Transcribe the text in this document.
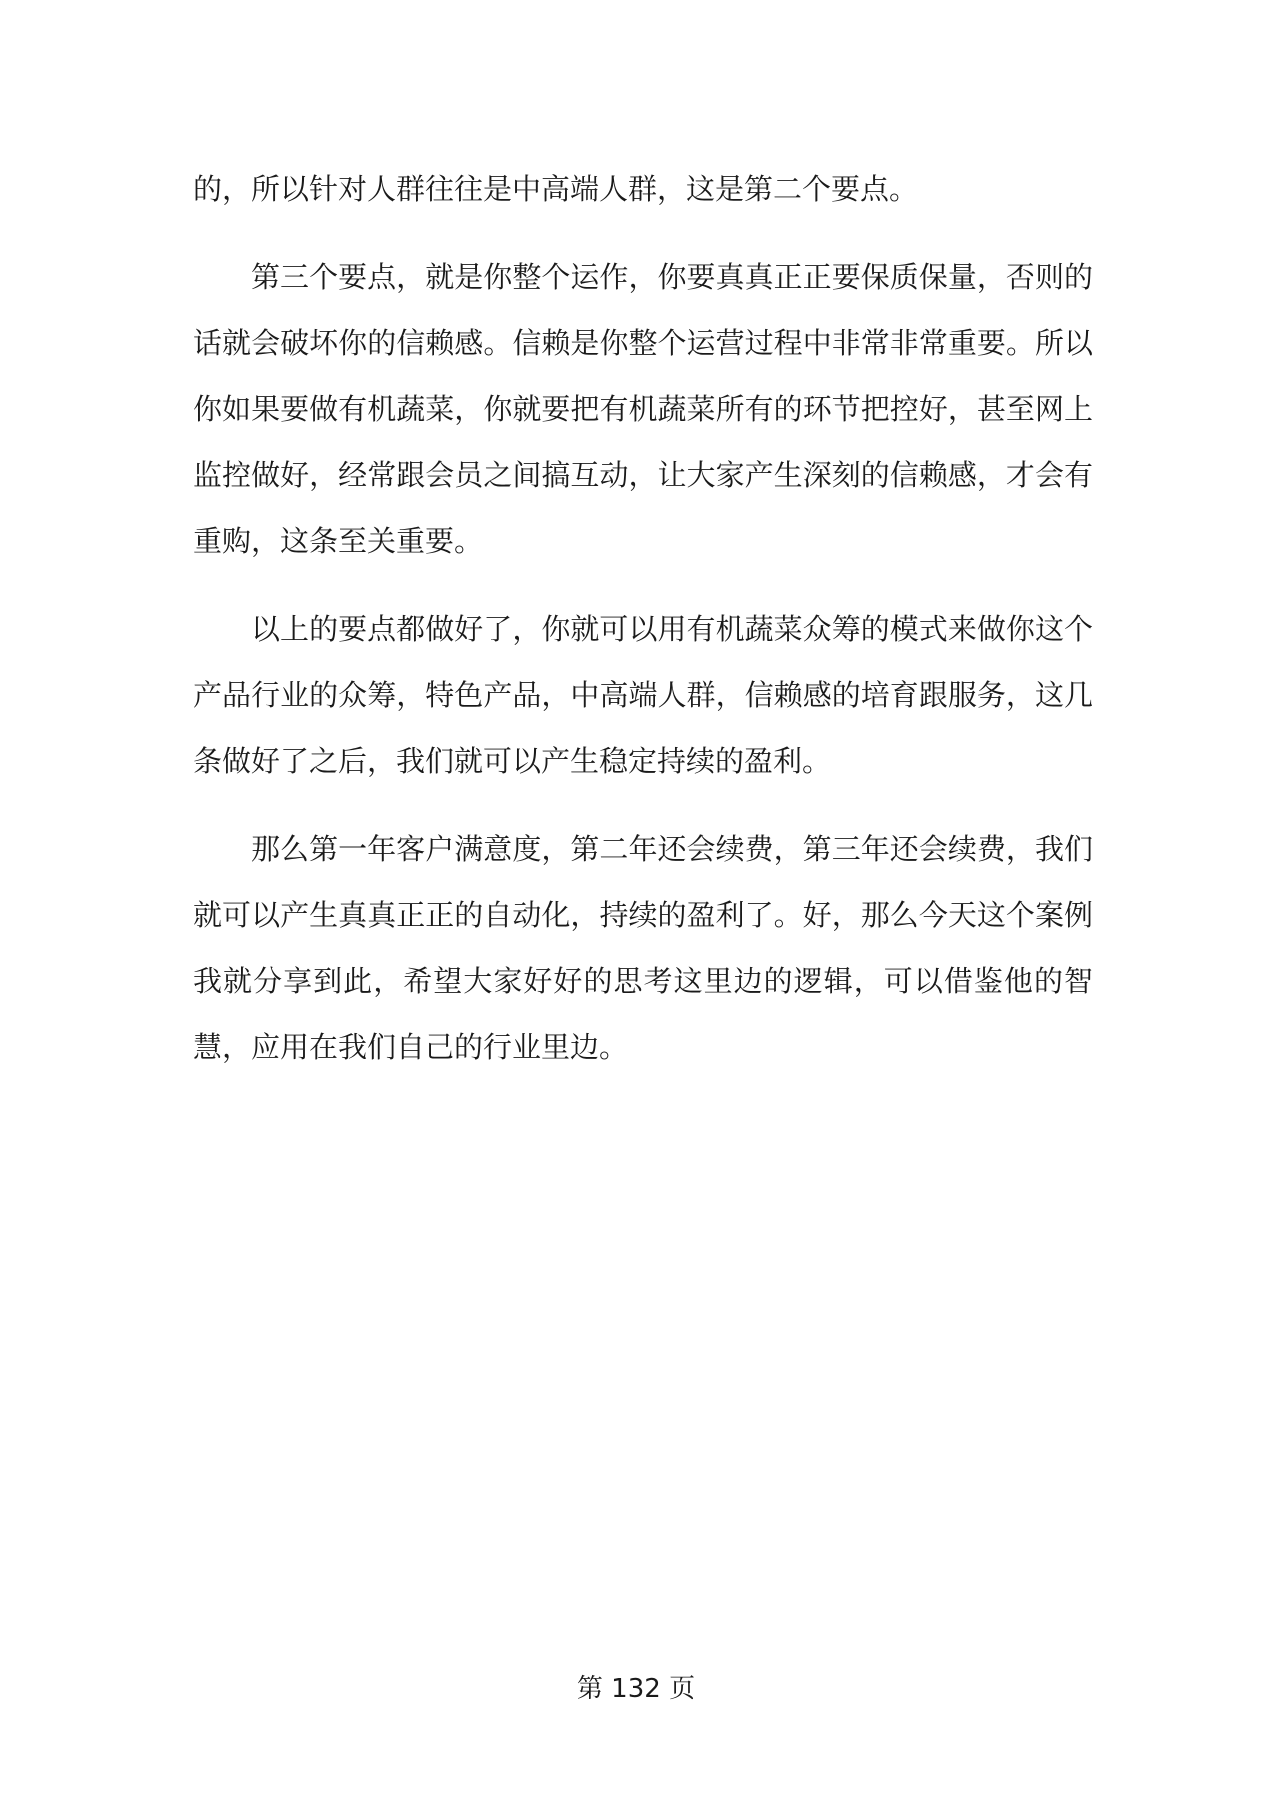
的，所以针对人群往往是中高端人群，这是第二个要点。

第三个要点，就是你整个运作，你要真真正正要保质保量，否则的话就会破坏你的信赖感。信赖是你整个运营过程中非常非常重要。所以你如果要做有机蔬菜，你就要把有机蔬菜所有的环节把控好，甚至网上监控做好，经常跟会员之间搞互动，让大家产生深刻的信赖感，才会有重购，这条至关重要。

以上的要点都做好了，你就可以用有机蔬菜众筹的模式来做你这个产品行业的众筹，特色产品，中高端人群，信赖感的培育跟服务，这几条做好了之后，我们就可以产生稳定持续的盈利。

那么第一年客户满意度，第二年还会续费，第三年还会续费，我们就可以产生真真正正的自动化，持续的盈利了。好，那么今天这个案例我就分享到此，希望大家好好的思考这里边的逻辑，可以借鉴他的智慧，应用在我们自己的行业里边。

第 132 页
